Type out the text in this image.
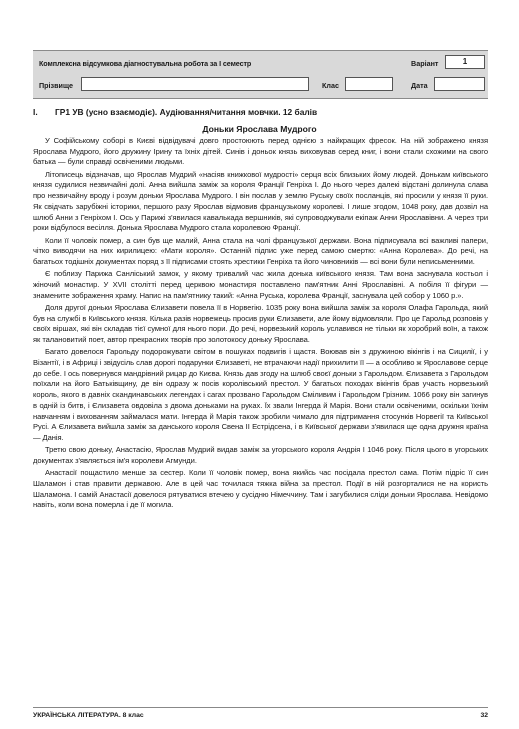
Комплексна відсумкова діагностувальна робота за І семестр	Варіант	1
Прізвище	Клас	Дата
I. ГР1 УВ (усно взаємодіє). Аудіювання/читання мовчки. 12 балів
Доньки Ярослава Мудрого

У Софійському соборі в Києві відвідувачі довго простоюють перед однією з найкращих фресок. На ній зображено князя Ярослава Мудрого, його дружину Ірину та їхніх дітей. Синів і доньок князь виховував серед книг, і вони стали схожими на свого батька — були справді освіченими людьми.

Літописець відзначав, що Ярослав Мудрий «насіяв книжкової мудрості» серця всіх близьких йому людей. Донькам київського князя судилися незвичайні долі. Анна вийшла заміж за короля Франції Генріха І. До нього через далекі відстані долинула слава про незвичайну вроду і розум доньки Ярослава Мудрого. І він послав у землю Руську своїх посланців, які просили у князя її руки. Як свідчать зарубіжні історики, першого разу Ярослав відмовив французькому королеві. І лише згодом, 1048 року, дав дозвіл на шлюб Анни з Генріхом І. Ось у Парижі з'явилася кавалькада вершників, які супроводжували екіпаж Анни Ярославівни. А через три роки відбулося весілля. Донька Ярослава Мудрого стала королевою Франції.

Коли її чоловік помер, а син був ще малий, Анна стала на чолі французької держави. Вона підписувала всі важливі папери, чітко виводячи на них кирилицею: «Мати короля». Останній підпис уже перед самою смертю: «Анна Королева». До речі, на багатьох тодішніх документах поряд з її підписами стоять хрестики Генріха та його чиновників — всі вони були неписьменними.

Є поблизу Парижа Санліський замок, у якому тривалий час жила донька київського князя. Там вона заснувала костьол і жіночий монастир. У XVII столітті перед церквою монастиря поставлено пам'ятник Анні Ярославівні. А побіля її фігури — знамените зображення храму. Напис на пам'ятнику такий: «Анна Руська, королева Франції, заснувала цей собор у 1060 р.».

Доля другої доньки Ярослава Єлизавети повела її в Норвегію. 1035 року вона вийшла заміж за короля Олафа Гарольда, який був на службі в Київського князя. Кілька разів норвежець просив руки Єлизавети, але йому відмовляли. Про це Гарольд розповів у своїх віршах, які він складав тієї сумної для нього пори. До речі, норвезький король уславився не тільки як хоробрий воїн, а також як талановитий поет, автор прекрасних творів про золотокосу доньку Ярослава.

Багато довелося Гарольду подорожувати світом в пошуках подвигів і щастя. Воював він з дружиною вікінгів і на Сицилії, і у Візантії, і в Африці і звідусіль слав дорогі подарунки Єлизаветі, не втрачаючи надії прихилити її — а особливо ж Ярославове серце до себе. І ось повернувся мандрівний рицар до Києва. Князь дав згоду на шлюб своєї доньки з Гарольдом. Єлизавета з Гарольдом поїхали на його Батьківщину, де він одразу ж посів королівський престол. У багатьох походах вікінгів брав участь норвезький король, якого в давніх скандинавських легендах і сагах прозвано Гарольдом Сміливим і Гарольдом Грізним. 1066 року він загинув в одній із битв, і Єлизавета овдовіла з двома доньками на руках. Їх звали Інгерда й Марія. Вони стали освіченими, оскільки їхнім навчанням і вихованням займалася мати. Інгерда й Марія також зробили чимало для підтримання стосунків Норвегії та Київської Русі. А Єлизавета вийшла заміж за данського короля Свена ІІ Естрідсена, і в Київської держави з'явилася ще одна дружня країна — Данія.

Третю свою доньку, Анастасію, Ярослав Мудрий видав заміж за угорського короля Андрія І 1046 року. Після цього в угорських документах з'являється ім'я королеви Агмунди.

Анастасії пощастило менше за сестер. Коли її чоловік помер, вона якийсь час посідала престол сама. Потім підріс її син Шаламон і став правити державою. Але в цей час точилася тяжка війна за престол. Події в ній розгорталися не на користь Шаламона. І самій Анастасії довелося рятуватися втечею у сусідню Німеччину. Там і загубилися сліди доньки Ярослава. Невідомо навіть, коли вона померла і де її могила.

УКРАЇНСЬКА ЛІТЕРАТУРА. 8 клас	32
